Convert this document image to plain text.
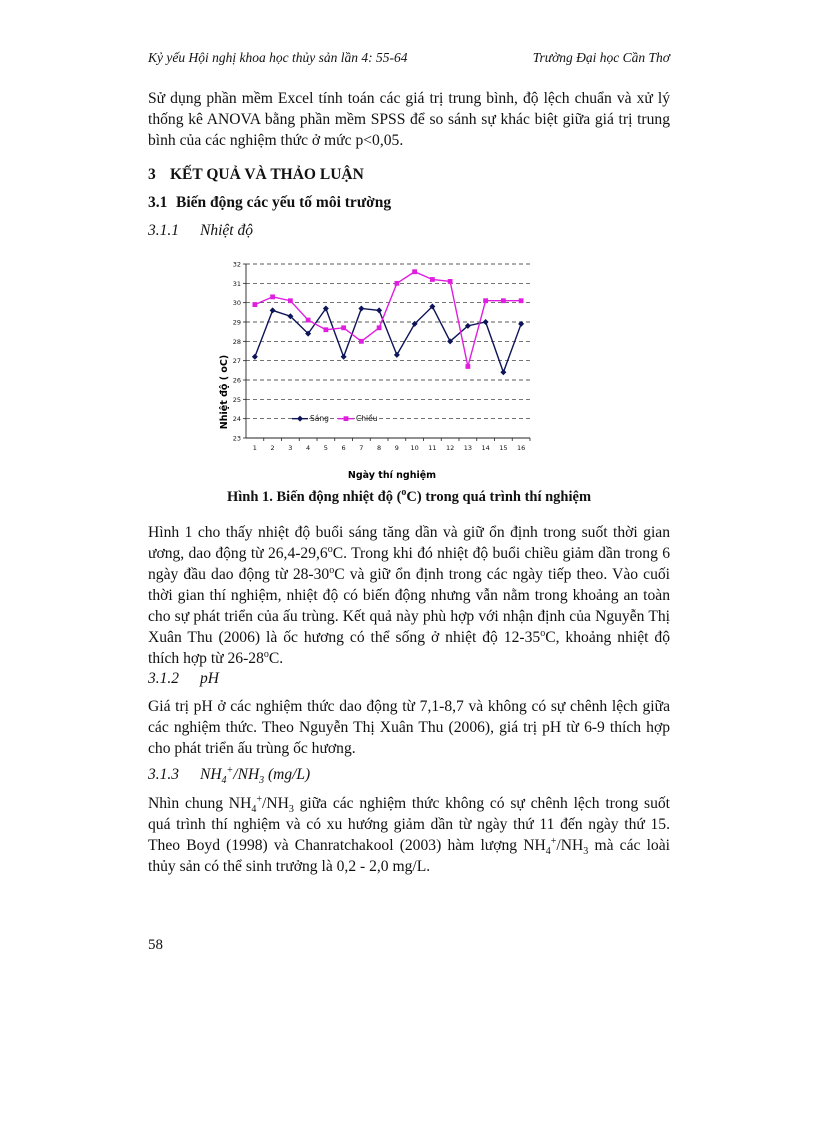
Kỷ yếu Hội nghị khoa học thủy sản lần 4: 55-64	Trường Đại học Cần Thơ

Sử dụng phần mềm Excel tính toán các giá trị trung bình, độ lệch chuẩn và xử lý thống kê ANOVA bằng phần mềm SPSS để so sánh sự khác biệt giữa giá trị trung bình của các nghiệm thức ở mức p<0,05.

3 KẾT QUẢ VÀ THẢO LUẬN
3.1 Biến động các yếu tố môi trường
3.1.1 Nhiệt độ
23
24
25
26
27
28
29
30
31
32
1 2 3 4 5 6 7 8 9 10 11 12 13 14 15 16
Sáng	Chiều
Ngày thí nghiệm
Nhiệt độ ( oC)
Hình 1. Biến động nhiệt độ ($^o$C) trong quá trình thí nghiệm

Hình 1 cho thấy nhiệt độ buổi sáng tăng dần và giữ ổn định trong suốt thời gian ương, dao động từ 26,4-29,6$^o$C. Trong khi đó nhiệt độ buổi chiều giảm dần trong 6 ngày đầu dao động từ 28-30$^o$C và giữ ổn định trong các ngày tiếp theo. Vào cuối thời gian thí nghiệm, nhiệt độ có biến động nhưng vẫn nằm trong khoảng an toàn cho sự phát triển của ấu trùng. Kết quả này phù hợp với nhận định của Nguyễn Thị Xuân Thu (2006) là ốc hương có thể sống ở nhiệt độ 12-35$^o$C, khoảng nhiệt độ thích hợp từ 26-28$^o$C.

3.1.2 pH

Giá trị pH ở các nghiệm thức dao động từ 7,1-8,7 và không có sự chênh lệch giữa các nghiệm thức. Theo Nguyễn Thị Xuân Thu (2006), giá trị pH từ 6-9 thích hợp cho phát triển ấu trùng ốc hương.

3.1.3 $NH_4^+/NH_3$ (mg/L)

Nhìn chung $NH_4^+/NH_3$ giữa các nghiệm thức không có sự chênh lệch trong suốt quá trình thí nghiệm và có xu hướng giảm dần từ ngày thứ 11 đến ngày thứ 15. Theo Boyd (1998) và Chanratchakool (2003) hàm lượng $NH_4^+/NH_3$ mà các loài thủy sản có thể sinh trưởng là 0,2 - 2,0 mg/L.

58
